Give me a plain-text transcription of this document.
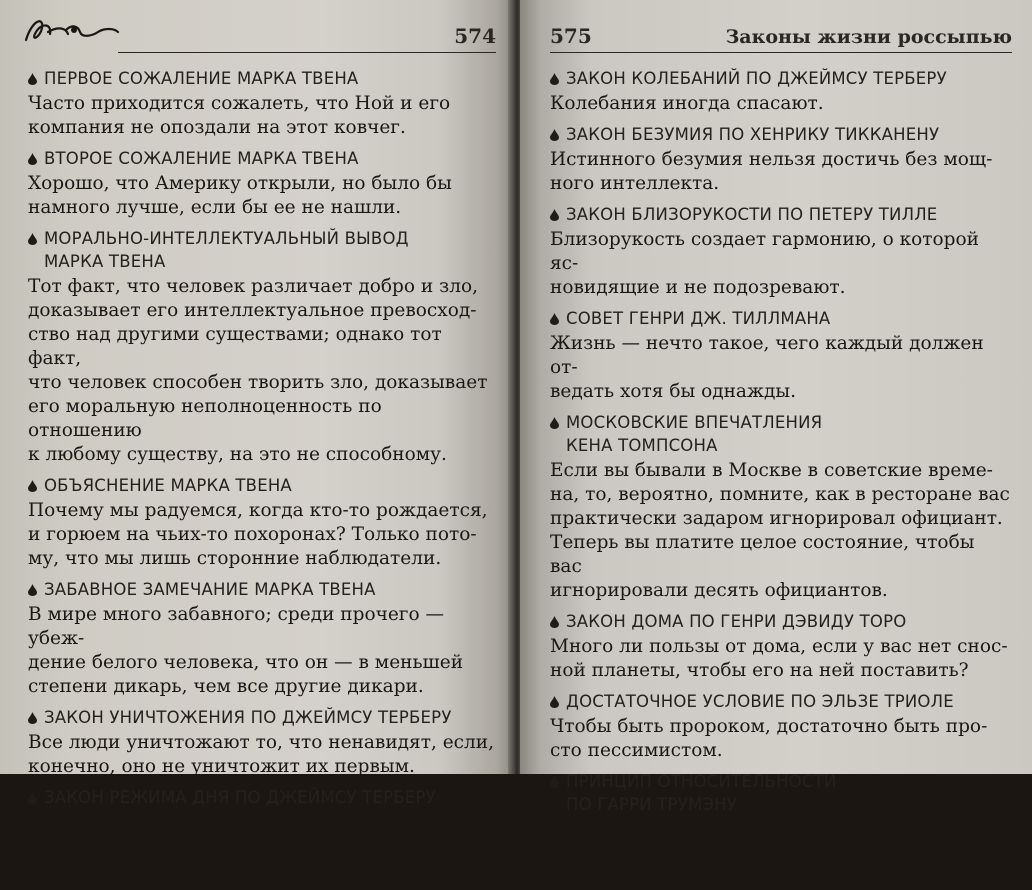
574
ПЕРВОЕ СОЖАЛЕНИЕ МАРКА ТВЕНА
Часто приходится сожалеть, что Ной и его
компания не опоздали на этот ковчег.
ВТОРОЕ СОЖАЛЕНИЕ МАРКА ТВЕНА
Хорошо, что Америку открыли, но было бы
намного лучше, если бы ее не нашли.
МОРАЛЬНО-ИНТЕЛЛЕКТУАЛЬНЫЙ ВЫВОД
МАРКА ТВЕНА
Тот факт, что человек различает добро и зло,
доказывает его интеллектуальное превосход-
ство над другими существами; однако тот факт,
что человек способен творить зло, доказывает
его моральную неполноценность по отношению
к любому существу, на это не способному.
ОБЪЯСНЕНИЕ МАРКА ТВЕНА
Почему мы радуемся, когда кто-то рождается,
и горюем на чьих-то похоронах? Только пото-
му, что мы лишь сторонние наблюдатели.
ЗАБАВНОЕ ЗАМЕЧАНИЕ МАРКА ТВЕНА
В мире много забавного; среди прочего — убеж-
дение белого человека, что он — в меньшей
степени дикарь, чем все другие дикари.
ЗАКОН УНИЧТОЖЕНИЯ ПО ДЖЕЙМСУ ТЕРБЕРУ
Все люди уничтожают то, что ненавидят, если,
конечно, оно не уничтожит их первым.
ЗАКОН РЕЖИМА ДНЯ ПО ДЖЕЙМСУ ТЕРБЕРУ
Ранний подъем утром и ранний отход ко сну
вечером делают мужчину здоровым, богатым
и мертвым.
575	Законы жизни россыпью
ЗАКОН КОЛЕБАНИЙ ПО ДЖЕЙМСУ ТЕРБЕРУ
Колебания иногда спасают.
ЗАКОН БЕЗУМИЯ ПО ХЕНРИКУ ТИККАНЕНУ
Истинного безумия нельзя достичь без мощ-
ного интеллекта.
ЗАКОН БЛИЗОРУКОСТИ ПО ПЕТЕРУ ТИЛЛЕ
Близорукость создает гармонию, о которой яс-
новидящие и не подозревают.
СОВЕТ ГЕНРИ ДЖ. ТИЛЛМАНА
Жизнь — нечто такое, чего каждый должен от-
ведать хотя бы однажды.
МОСКОВСКИЕ ВПЕЧАТЛЕНИЯ
КЕНА ТОМПСОНА
Если вы бывали в Москве в советские време-
на, то, вероятно, помните, как в ресторане вас
практически задаром игнорировал официант.
Теперь вы платите целое состояние, чтобы вас
игнорировали десять официантов.
ЗАКОН ДОМА ПО ГЕНРИ ДЭВИДУ ТОРО
Много ли пользы от дома, если у вас нет снос-
ной планеты, чтобы его на ней поставить?
ДОСТАТОЧНОЕ УСЛОВИЕ ПО ЭЛЬЗЕ ТРИОЛЕ
Чтобы быть пророком, достаточно быть про-
сто пессимистом.
ПРИНЦИП ОТНОСИТЕЛЬНОСТИ
ПО ГАРРИ ТРУМЭНУ
Если ваш сосед теряет работу — это эконо-
мический спад; если работу теряете вы — это
экономический кризис.
